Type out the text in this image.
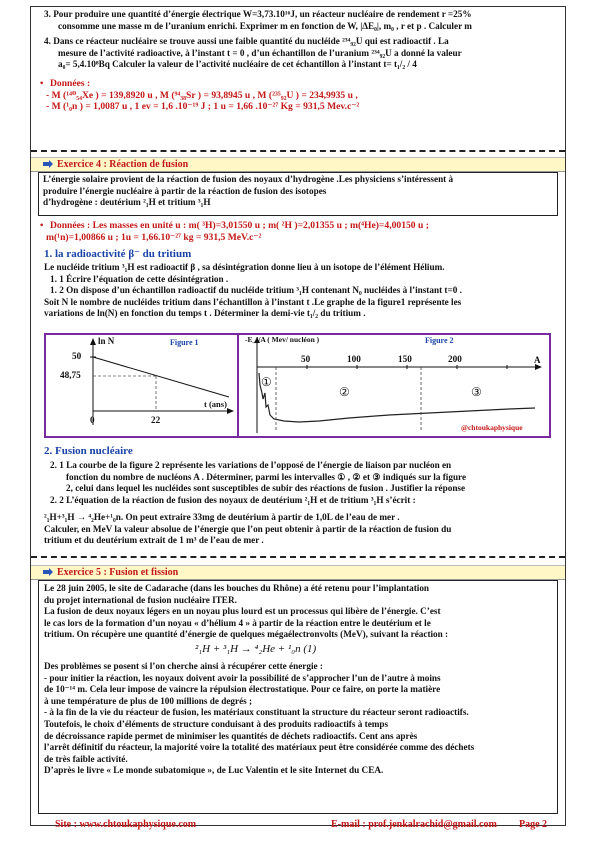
3. Pour produire une quantité d’énergie électrique W=3,73.10¹⁶J, un réacteur nucléaire de rendement r =25%
consomme une masse m de l’uranium enrichi. Exprimer m en fonction de W, |ΔE₀|, m₀ , r et p . Calculer m
4. Dans ce réacteur nucléaire se trouve aussi une faible quantité du nucléide ²³⁴₉₂U qui est radioactif . La
mesure de l’activité radioactive, à l’instant t = 0 , d’un échantillon de l’uranium ²³⁴₉₂U a donné la valeur
a₀= 5,4.10⁸Bq Calculer la valeur de l’activité nucléaire de cet échantillon à l’instant t= t₁/₂ / 4
• Données :
- M (¹⁴⁰₅₄Xe ) = 139,8920 u , M (⁹⁴₃₈Sr ) = 93,8945 u , M (²³⁵₉₂U ) = 234,9935 u ,
- M (¹₀n ) = 1,0087 u , 1 ev = 1,6 .10⁻¹⁹ J ; 1 u = 1,66 .10⁻²⁷ Kg = 931,5 Mev.c⁻²
Exercice 4 : Réaction de fusion
L’énergie solaire provient de la réaction de fusion des noyaux d’hydrogène .Les physiciens s’intéressent à
produire l’énergie nucléaire à partir de la réaction de fusion des isotopes
d’hydrogène : deutérium ²₁H et tritium ³₁H
• Données : Les masses en unité u : m( ³H)=3,01550 u ; m( ²H )=2,01355 u ; m(⁴He)=4,00150 u ;
m(¹n)=1,00866 u ; 1u = 1,66.10⁻²⁷ kg = 931,5 MeV.c⁻²
1. la radioactivité β⁻ du tritium
Le nucléide tritium ³₁H est radioactif β , sa désintégration donne lieu à un isotope de l’élément Hélium.
1. 1 Écrire l’équation de cette désintégration .
1. 2 On dispose d’un échantillon radioactif du nucléide tritium ³₁H contenant N₀ nucléides à l’instant t=0 .
Soit N le nombre de nucléides tritium dans l’échantillon à l’instant t .Le graphe de la figure1 représente les
variations de ln(N) en fonction du temps t . Déterminer la demi-vie t₁/₂ du tritium .
ln N	Figure 1
50
48,75
0	22
t (ans)
-E_l/A ( Mev/ nucléon )	Figure 2
A
50	100	150	200
①
②	③
@chtoukaphysique
2. Fusion nucléaire
2. 1 La courbe de la figure 2 représente les variations de l’opposé de l’énergie de liaison par nucléon en
fonction du nombre de nucléons A . Déterminer, parmi les intervalles ① , ② et ③ indiqués sur la figure
2, celui dans lequel les nucléides sont susceptibles de subir des réactions de fusion . Justifier la réponse
2. 2 L’équation de la réaction de fusion des noyaux de deutérium ²₁H et de tritium ³₁H s’écrit :
²₁H+³₁H → ⁴₂He+¹₀n. On peut extraire 33mg de deutérium à partir de 1,0L de l’eau de mer .
Calculer, en MeV la valeur absolue de l’énergie que l’on peut obtenir à partir de la réaction de fusion du
tritium et du deutérium extrait de 1 m³ de l’eau de mer .
Exercice 5 : Fusion et fission
Le 28 juin 2005, le site de Cadarache (dans les bouches du Rhône) a été retenu pour l’implantation
du projet international de fusion nucléaire ITER.
La fusion de deux noyaux légers en un noyau plus lourd est un processus qui libère de l’énergie. C’est
le cas lors de la formation d’un noyau « d’hélium 4 » à partir de la réaction entre le deutérium et le
tritium. On récupère une quantité d’énergie de quelques mégaélectronvolts (MeV), suivant la réaction :
²₁H + ³₁H → ⁴₂He + ¹₀n (1)
Des problèmes se posent si l’on cherche ainsi à récupérer cette énergie :
- pour initier la réaction, les noyaux doivent avoir la possibilité de s’approcher l’un de l’autre à moins
de 10⁻¹⁴ m. Cela leur impose de vaincre la répulsion électrostatique. Pour ce faire, on porte la matière
à une température de plus de 100 millions de degrés ;
- à la fin de la vie du réacteur de fusion, les matériaux constituant la structure du réacteur seront radioactifs.
Toutefois, le choix d’éléments de structure conduisant à des produits radioactifs à temps
de décroissance rapide permet de minimiser les quantités de déchets radioactifs. Cent ans après
l’arrêt définitif du réacteur, la majorité voire la totalité des matériaux peut être considérée comme des déchets
de très faible activité.
D’après le livre « Le monde subatomique », de Luc Valentin et le site Internet du CEA.
Site : www.chtoukaphysique.com	E-mail : prof.jenkalrachid@gmail.com Page 2
